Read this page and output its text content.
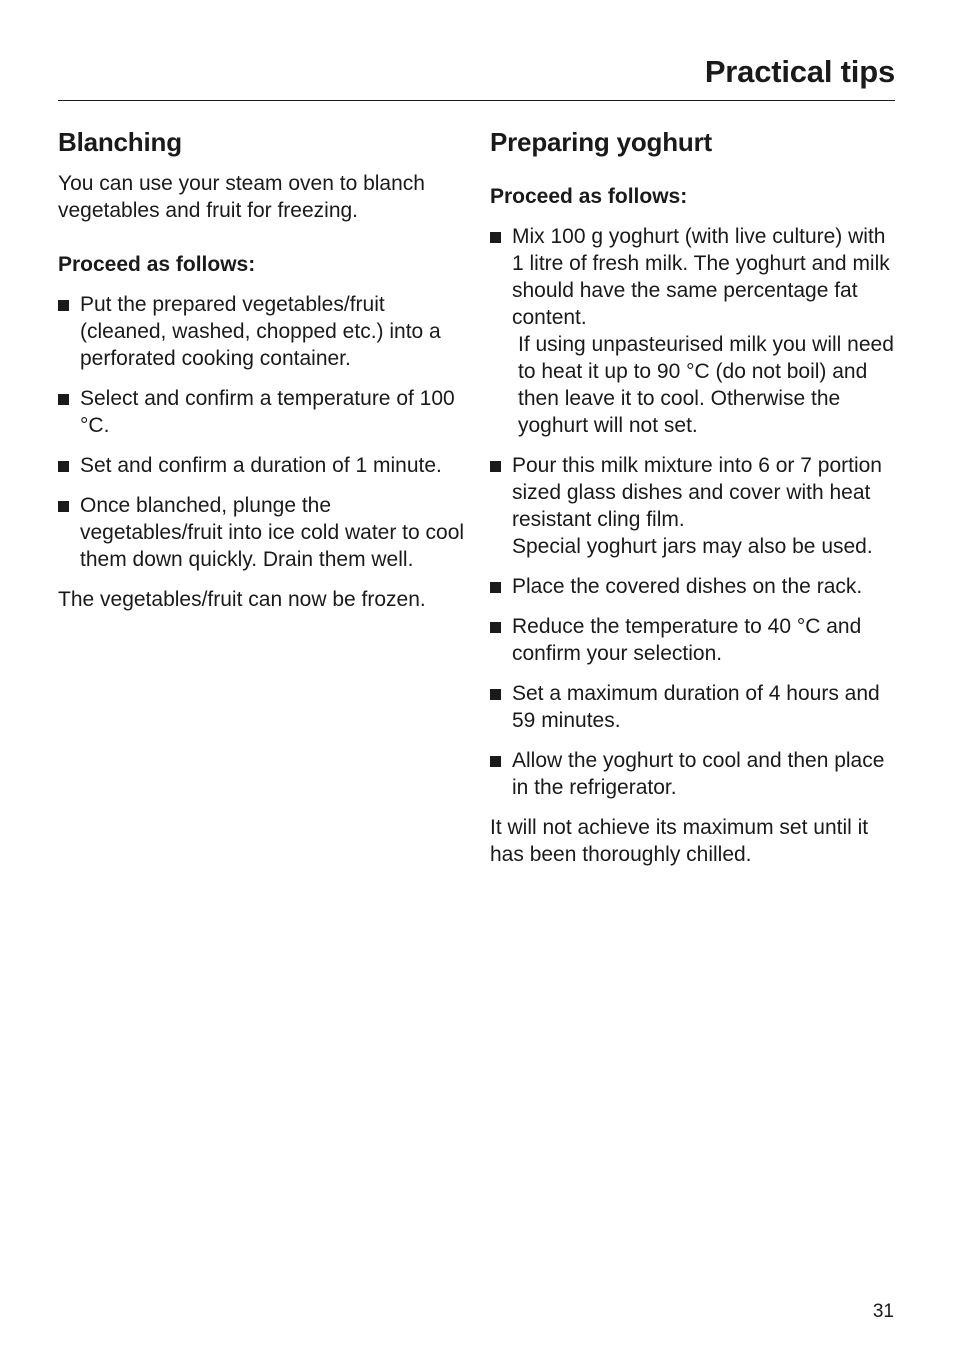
Practical tips
Blanching

You can use your steam oven to blanch vegetables and fruit for freezing.

Proceed as follows:

Put the prepared vegetables/fruit (cleaned, washed, chopped etc.) into a perforated cooking container.
Select and confirm a temperature of 100 °C.
Set and confirm a duration of 1 minute.
Once blanched, plunge the vegetables/fruit into ice cold water to cool them down quickly. Drain them well.

The vegetables/fruit can now be frozen.

Preparing yoghurt

Proceed as follows:

Mix 100 g yoghurt (with live culture) with 1 litre of fresh milk. The yoghurt and milk should have the same percentage fat content.
If using unpasteurised milk you will need to heat it up to 90 °C (do not boil) and then leave it to cool. Otherwise the yoghurt will not set.
Pour this milk mixture into 6 or 7 portion sized glass dishes and cover with heat resistant cling film.
Special yoghurt jars may also be used.
Place the covered dishes on the rack.
Reduce the temperature to 40 °C and confirm your selection.
Set a maximum duration of 4 hours and 59 minutes.
Allow the yoghurt to cool and then place in the refrigerator.

It will not achieve its maximum set until it has been thoroughly chilled.

31
